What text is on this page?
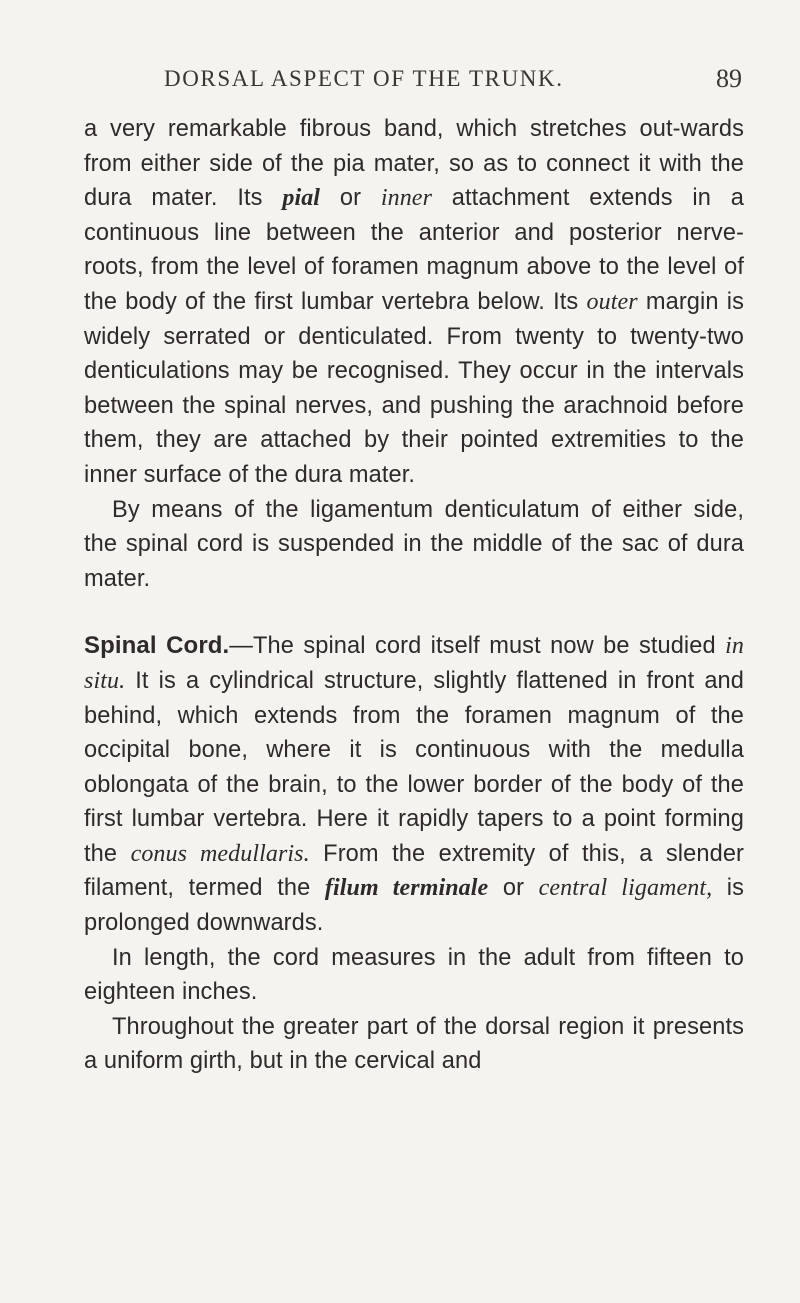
DORSAL ASPECT OF THE TRUNK.	89

a very remarkable fibrous band, which stretches out-wards from either side of the pia mater, so as to connect it with the dura mater. Its pial or inner attachment extends in a continuous line between the anterior and posterior nerve-roots, from the level of foramen magnum above to the level of the body of the first lumbar vertebra below. Its outer margin is widely serrated or denticulated. From twenty to twenty-two denticulations may be recognised. They occur in the intervals between the spinal nerves, and pushing the arachnoid before them, they are attached by their pointed extremities to the inner surface of the dura mater.

By means of the ligamentum denticulatum of either side, the spinal cord is suspended in the middle of the sac of dura mater.

Spinal Cord.—The spinal cord itself must now be studied in situ. It is a cylindrical structure, slightly flattened in front and behind, which extends from the foramen magnum of the occipital bone, where it is continuous with the medulla oblongata of the brain, to the lower border of the body of the first lumbar vertebra. Here it rapidly tapers to a point forming the conus medullaris. From the extremity of this, a slender filament, termed the filum terminale or central ligament, is prolonged downwards.

In length, the cord measures in the adult from fifteen to eighteen inches.

Throughout the greater part of the dorsal region it presents a uniform girth, but in the cervical and
